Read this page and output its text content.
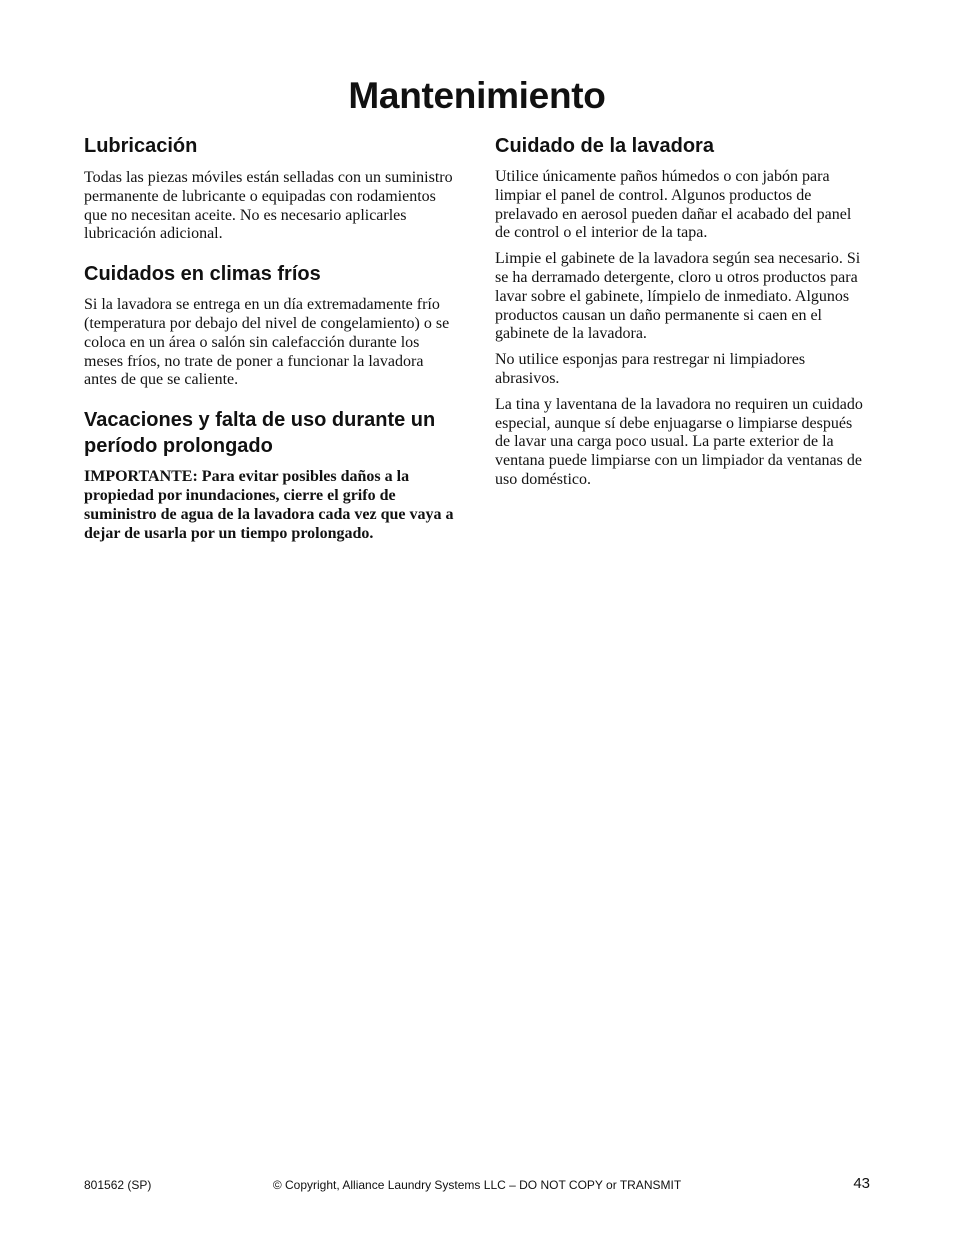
Mantenimiento
Lubricación

Todas las piezas móviles están selladas con un suministro permanente de lubricante o equipadas con rodamientos que no necesitan aceite. No es necesario aplicarles lubricación adicional.

Cuidados en climas fríos

Si la lavadora se entrega en un día extremadamente frío (temperatura por debajo del nivel de congelamiento) o se coloca en un área o salón sin calefacción durante los meses fríos, no trate de poner a funcionar la lavadora antes de que se caliente.

Vacaciones y falta de uso durante un período prolongado

IMPORTANTE: Para evitar posibles daños a la propiedad por inundaciones, cierre el grifo de suministro de agua de la lavadora cada vez que vaya a dejar de usarla por un tiempo prolongado.

Cuidado de la lavadora

Utilice únicamente paños húmedos o con jabón para limpiar el panel de control. Algunos productos de prelavado en aerosol pueden dañar el acabado del panel de control o el interior de la tapa.

Limpie el gabinete de la lavadora según sea necesario. Si se ha derramado detergente, cloro u otros productos para lavar sobre el gabinete, límpielo de inmediato. Algunos productos causan un daño permanente si caen en el gabinete de la lavadora.

No utilice esponjas para restregar ni limpiadores abrasivos.

La tina y laventana de la lavadora no requiren un cuidado especial, aunque sí debe enjuagarse o limpiarse después de lavar una carga poco usual. La parte exterior de la ventana puede limpiarse con un limpiador da ventanas de uso doméstico.

801562 (SP)	© Copyright, Alliance Laundry Systems LLC – DO NOT COPY or TRANSMIT	43
